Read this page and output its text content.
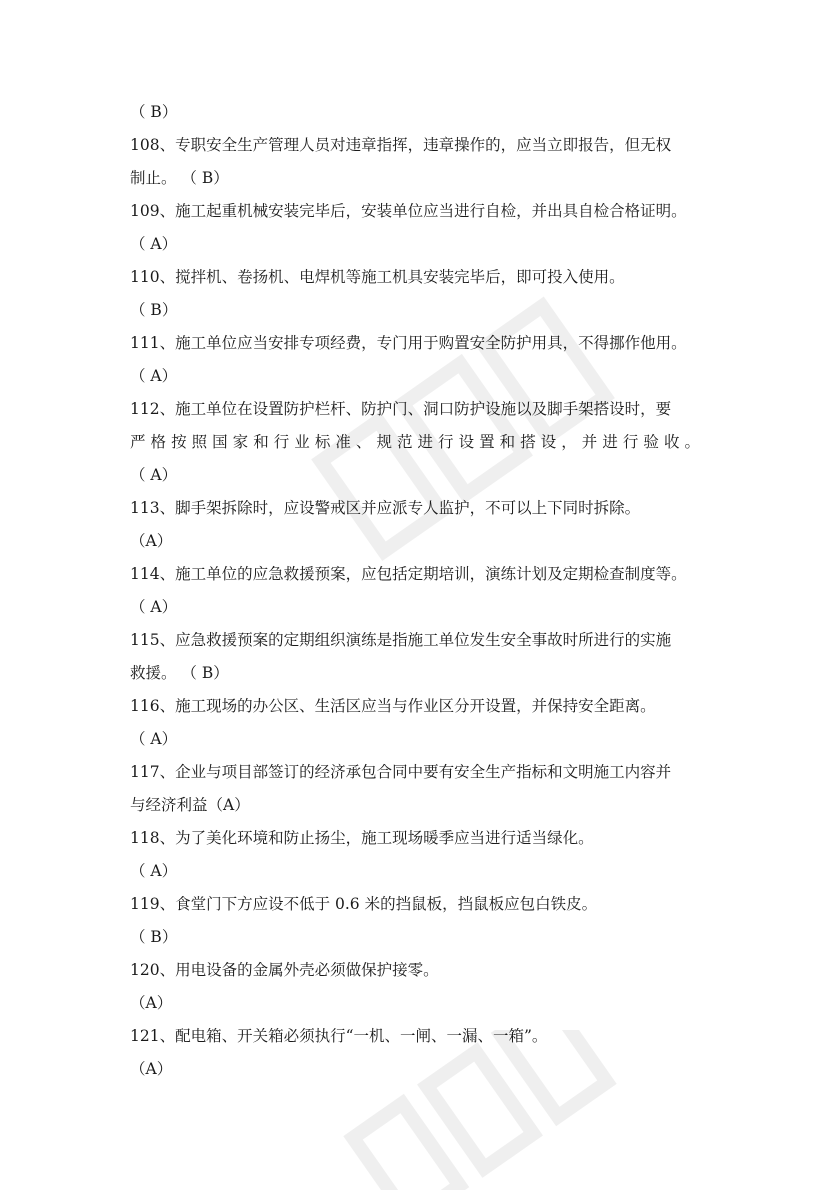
（ B）
108、专职安全生产管理人员对违章指挥，违章操作的，应当立即报告，但无权
制止。 （ B）
109、施工起重机械安装完毕后，安装单位应当进行自检，并出具自检合格证明。
（ A）
110、搅拌机、卷扬机、电焊机等施工机具安装完毕后，即可投入使用。
（ B）
111、施工单位应当安排专项经费，专门用于购置安全防护用具，不得挪作他用。
（ A）
112、施工单位在设置防护栏杆、防护门、洞口防护设施以及脚手架搭设时，要
严格按照国家和行业标准、规范进行设置和搭设，并进行验收。
（ A）
113、脚手架拆除时，应设警戒区并应派专人监护，不可以上下同时拆除。
（A）
114、施工单位的应急救援预案，应包括定期培训，演练计划及定期检查制度等。
（ A）
115、应急救援预案的定期组织演练是指施工单位发生安全事故时所进行的实施
救援。 （ B）
116、施工现场的办公区、生活区应当与作业区分开设置，并保持安全距离。
（ A）
117、企业与项目部签订的经济承包合同中要有安全生产指标和文明施工内容并
与经济利益（A）
118、为了美化环境和防止扬尘，施工现场暖季应当进行适当绿化。
（ A）
119、食堂门下方应设不低于 0.6 米的挡鼠板，挡鼠板应包白铁皮。
（ B）
120、用电设备的金属外壳必须做保护接零。
（A）
121、配电箱、开关箱必须执行“一机、一闸、一漏、一箱”。
（A）
